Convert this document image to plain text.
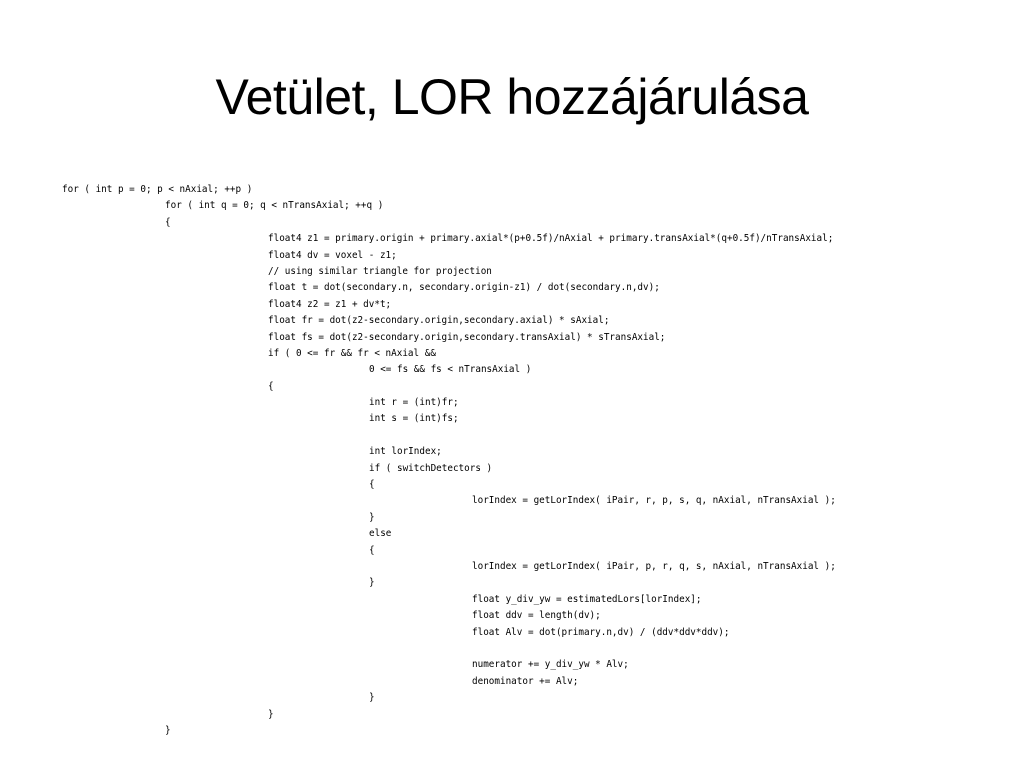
Vetület, LOR hozzájárulása
for ( int p = 0; p < nAxial; ++p )
for ( int q = 0; q < nTransAxial; ++q )
{
float4 z1 = primary.origin + primary.axial*(p+0.5f)/nAxial + primary.transAxial*(q+0.5f)/nTransAxial;
float4 dv = voxel - z1;
// using similar triangle for projection
float t = dot(secondary.n, secondary.origin-z1) / dot(secondary.n,dv);
float4 z2 = z1 + dv*t;
float fr = dot(z2-secondary.origin,secondary.axial) * sAxial;
float fs = dot(z2-secondary.origin,secondary.transAxial) * sTransAxial;
if ( 0 <= fr && fr < nAxial &&
0 <= fs && fs < nTransAxial )
{
int r = (int)fr;
int s = (int)fs;
int lorIndex;
if ( switchDetectors )
{
lorIndex = getLorIndex( iPair, r, p, s, q, nAxial, nTransAxial );
}
else
{
lorIndex = getLorIndex( iPair, p, r, q, s, nAxial, nTransAxial );
}
float y_div_yw = estimatedLors[lorIndex];
float ddv = length(dv);
float Alv = dot(primary.n,dv) / (ddv*ddv*ddv);
numerator += y_div_yw * Alv;
denominator += Alv;
}
}
}
